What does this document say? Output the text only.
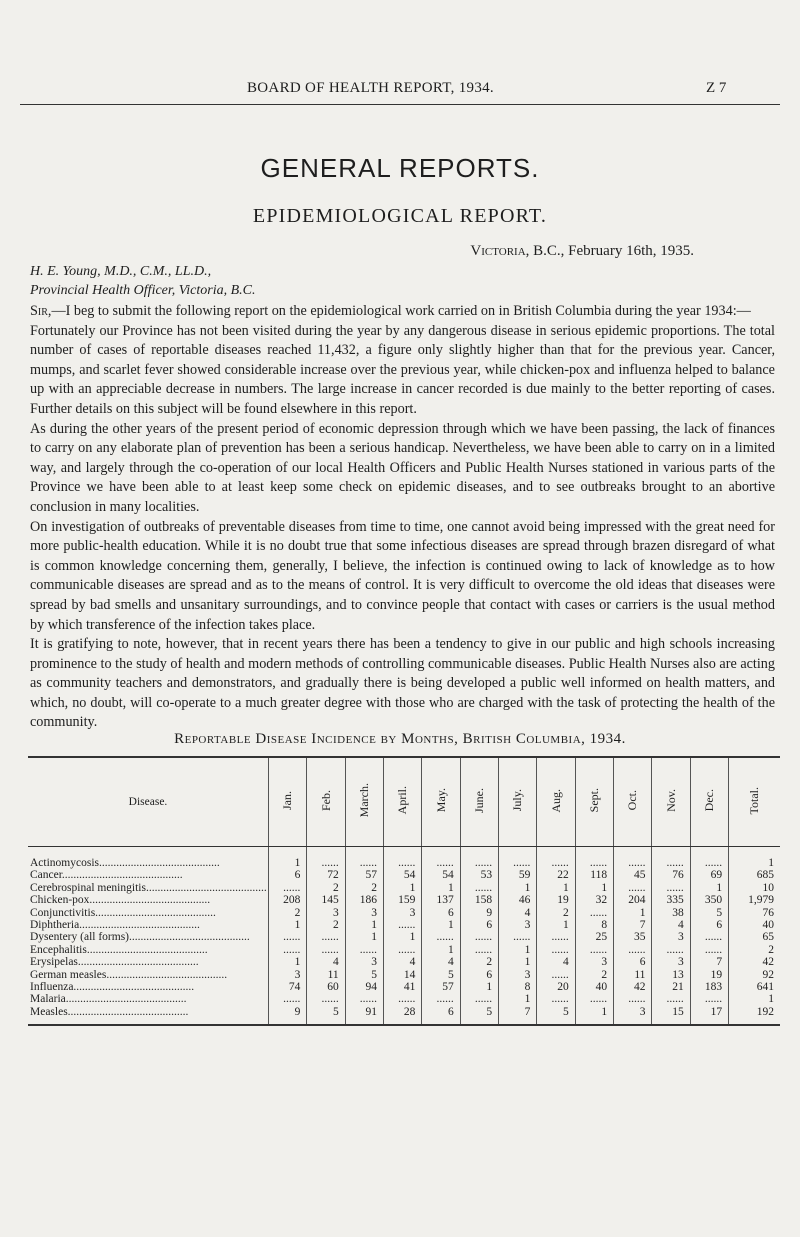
BOARD OF HEALTH REPORT, 1934.	Z 7
GENERAL REPORTS.
EPIDEMIOLOGICAL REPORT.
Victoria, B.C., February 16th, 1935.
H. E. Young, M.D., C.M., LL.D.,
Provincial Health Officer, Victoria, B.C.

Sir,—I beg to submit the following report on the epidemiological work carried on in British Columbia during the year 1934:—

Fortunately our Province has not been visited during the year by any dangerous disease in serious epidemic proportions. The total number of cases of reportable diseases reached 11,432, a figure only slightly higher than that for the previous year. Cancer, mumps, and scarlet fever showed considerable increase over the previous year, while chicken-pox and influenza helped to balance up with an appreciable decrease in numbers. The large increase in cancer recorded is due mainly to the better reporting of cases. Further details on this subject will be found elsewhere in this report.

As during the other years of the present period of economic depression through which we have been passing, the lack of finances to carry on any elaborate plan of prevention has been a serious handicap. Nevertheless, we have been able to carry on in a limited way, and largely through the co-operation of our local Health Officers and Public Health Nurses stationed in various parts of the Province we have been able to at least keep some check on epidemic diseases, and to see outbreaks brought to an abortive conclusion in many localities.

On investigation of outbreaks of preventable diseases from time to time, one cannot avoid being impressed with the great need for more public-health education. While it is no doubt true that some infectious diseases are spread through brazen disregard of what is common knowledge concerning them, generally, I believe, the infection is continued owing to lack of knowledge as to how communicable diseases are spread and as to the means of control. It is very difficult to overcome the old ideas that diseases were spread by bad smells and unsanitary surroundings, and to convince people that contact with cases or carriers is the usual method by which transference of the infection takes place.

It is gratifying to note, however, that in recent years there has been a tendency to give in our public and high schools increasing prominence to the study of health and modern methods of controlling communicable diseases. Public Health Nurses also are acting as community teachers and demonstrators, and gradually there is being developed a public well informed on health matters, and which, no doubt, will co-operate to a much greater degree with those who are charged with the task of protecting the health of the community.

Reportable Disease Incidence by Months, British Columbia, 1934.
Disease.	Jan.	Feb.	March.	April.	May.	June.	July.	Aug.	Sept.	Oct.	Nov.	Dec.	Total.
Actinomycosis..........................................	1	......	......	......	......	......	......	......	......	......	......	......	1
Cancer..........................................	6	72	57	54	54	53	59	22	118	45	76	69	685
Cerebrospinal meningitis..........................................	......	2	2	1	1	......	1	1	1	......	......	1	10
Chicken-pox..........................................	208	145	186	159	137	158	46	19	32	204	335	350	1,979
Conjunctivitis..........................................	2	3	3	3	6	9	4	2	......	1	38	5	76
Diphtheria..........................................	1	2	1	......	1	6	3	1	8	7	4	6	40
Dysentery (all forms)..........................................	......	......	1	1	......	......	......	......	25	35	3	......	65
Encephalitis..........................................	......	......	......	......	1	......	1	......	......	......	......	......	2
Erysipelas..........................................	1	4	3	4	4	2	1	4	3	6	3	7	42
German measles..........................................	3	11	5	14	5	6	3	......	2	11	13	19	92
Influenza..........................................	74	60	94	41	57	1	8	20	40	42	21	183	641
Malaria..........................................	......	......	......	......	......	......	1	......	......	......	......	......	1
Measles..........................................	9	5	91	28	6	5	7	5	1	3	15	17	192
